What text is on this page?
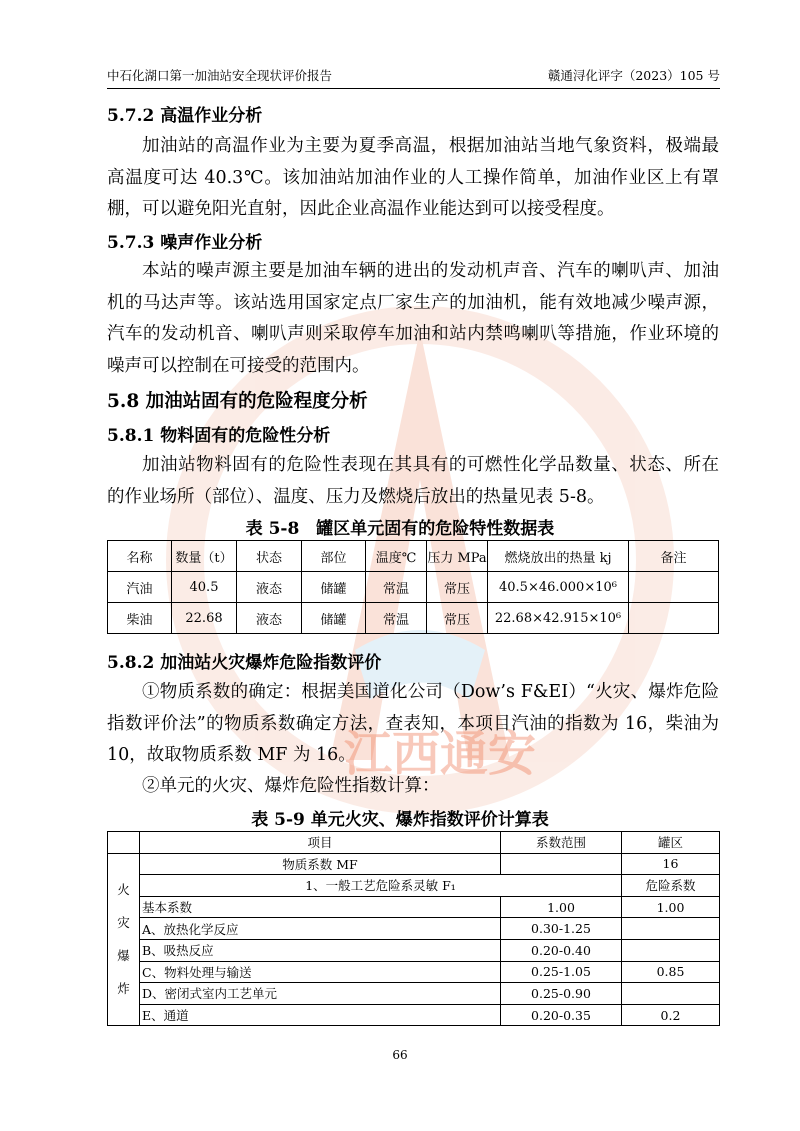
江西通安
中石化湖口第一加油站安全现状评价报告	赣通浔化评字（2023）105 号
5.7.2 高温作业分析
加油站的高温作业为主要为夏季高温，根据加油站当地气象资料，极端最高温度可达 40.3℃。该加油站加油作业的人工操作简单，加油作业区上有罩棚，可以避免阳光直射，因此企业高温作业能达到可以接受程度。
5.7.3 噪声作业分析
本站的噪声源主要是加油车辆的进出的发动机声音、汽车的喇叭声、加油机的马达声等。该站选用国家定点厂家生产的加油机，能有效地减少噪声源，汽车的发动机音、喇叭声则采取停车加油和站内禁鸣喇叭等措施，作业环境的噪声可以控制在可接受的范围内。
5.8 加油站固有的危险程度分析
5.8.1 物料固有的危险性分析
加油站物料固有的危险性表现在其具有的可燃性化学品数量、状态、所在的作业场所（部位）、温度、压力及燃烧后放出的热量见表 5-8。
表 5-8　罐区单元固有的危险特性数据表
名称	数量（t）	状态	部位	温度℃	压力 MPa	燃烧放出的热量 kj	备注
汽油	40.5	液态	储罐	常温	常压	40.5×46.000×10⁶	
柴油	22.68	液态	储罐	常温	常压	22.68×42.915×10⁶	
5.8.2 加油站火灾爆炸危险指数评价
①物质系数的确定：根据美国道化公司（Dow’s F&EI）“火灾、爆炸危险指数评价法”的物质系数确定方法，查表知，本项目汽油的指数为 16，柴油为 10，故取物质系数 MF 为 16。
②单元的火灾、爆炸危险性指数计算：
表 5-9 单元火灾、爆炸指数评价计算表
	项目	系数范围	罐区

火
灾
爆
炸	物质系数 MF		16
	1、一般工艺危险系灵敏 F₁		危险系数
	基本系数	1.00	1.00
	A、放热化学反应	0.30-1.25	
	B、吸热反应	0.20-0.40	
	C、物料处理与输送	0.25-1.05	0.85
	D、密闭式室内工艺单元	0.25-0.90	
	E、通道	0.20-0.35	0.2
66
